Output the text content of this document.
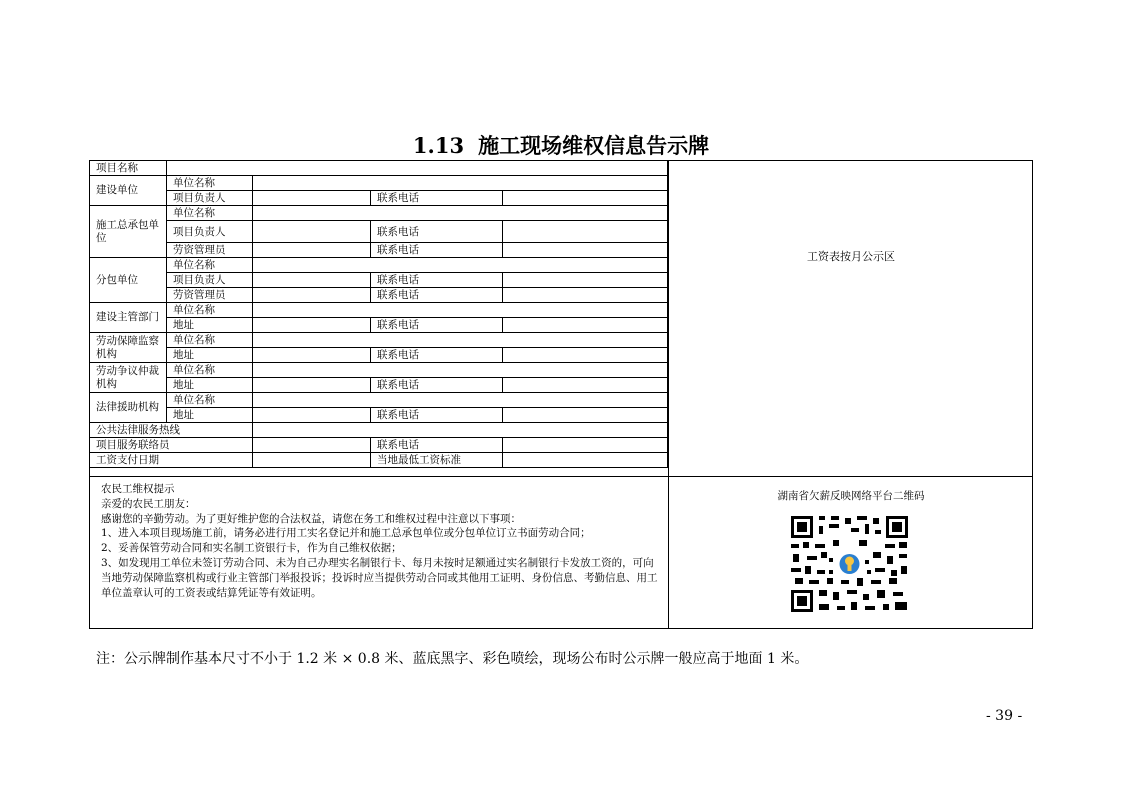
1.13 施工现场维权信息告示牌
项目名称				
建设单位	单位名称			
	项目负责人		联系电话	
施工总承包单位	单位名称			
	项目负责人		联系电话	
	劳资管理员		联系电话	
分包单位	单位名称			
	项目负责人		联系电话	
	劳资管理员		联系电话	
建设主管部门	单位名称			
	地址		联系电话	
劳动保障监察机构	单位名称			
	地址		联系电话	
劳动争议仲裁机构	单位名称			
	地址		联系电话	
法律援助机构	单位名称			
	地址		联系电话	
公共法律服务热线				
项目服务联络员			联系电话	
工资支付日期			当地最低工资标准	
工资表按月公示区
农民工维权提示
亲爱的农民工朋友：
感谢您的辛勤劳动。为了更好维护您的合法权益，请您在务工和维权过程中注意以下事项：
1、进入本项目现场施工前，请务必进行用工实名登记并和施工总承包单位或分包单位订立书面劳动合同；
2、妥善保管劳动合同和实名制工资银行卡，作为自己维权依据；
3、如发现用工单位未签订劳动合同、未为自己办理实名制银行卡、每月未按时足额通过实名制银行卡发放工资的，可向当地劳动保障监察机构或行业主管部门举报投诉；投诉时应当提供劳动合同或其他用工证明、身份信息、考勤信息、用工单位盖章认可的工资表或结算凭证等有效证明。
湖南省欠薪反映网络平台二维码
注：公示牌制作基本尺寸不小于 1.2 米 × 0.8 米、蓝底黑字、彩色喷绘，现场公布时公示牌一般应高于地面 1 米。
- 39 -
